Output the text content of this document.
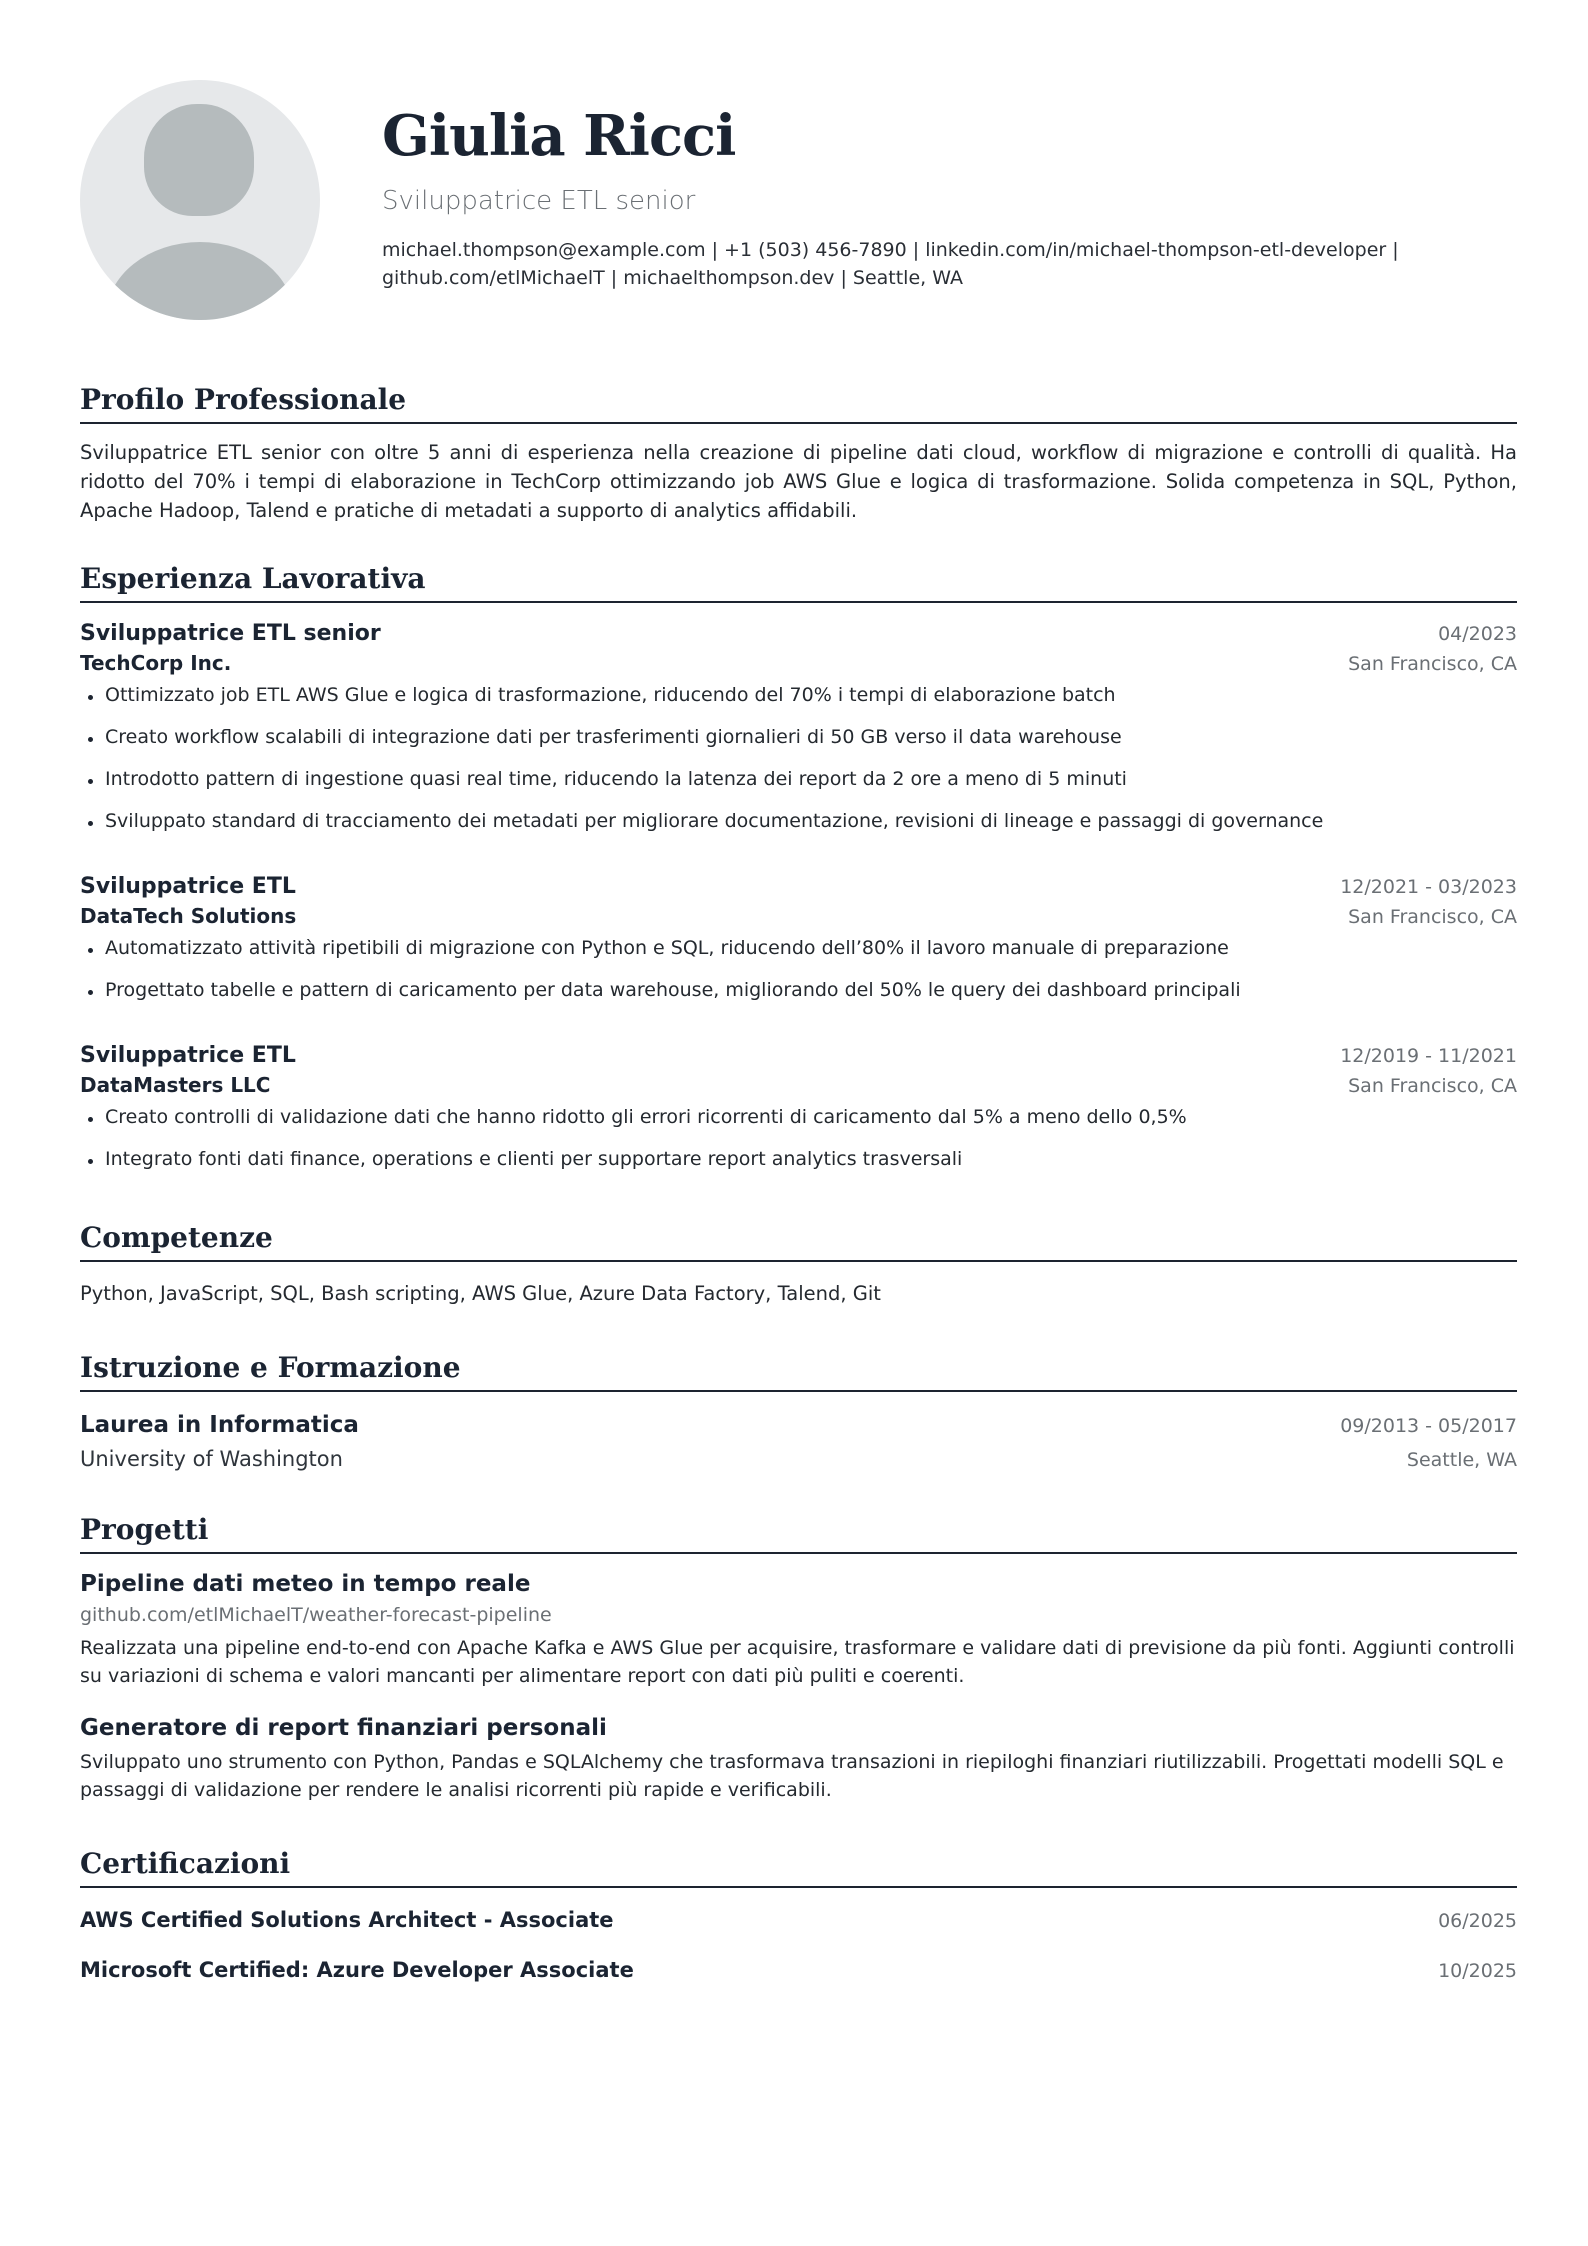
Giulia Ricci
Sviluppatrice ETL senior
michael.thompson@example.com | +1 (503) 456-7890 | linkedin.com/in/michael-thompson-etl-developer |
github.com/etlMichaelT | michaelthompson.dev | Seattle, WA
Profilo Professionale
Sviluppatrice ETL senior con oltre 5 anni di esperienza nella creazione di pipeline dati cloud, workflow di migrazione e controlli di qualità. Ha ridotto del 70% i tempi di elaborazione in TechCorp ottimizzando job AWS Glue e logica di trasformazione. Solida competenza in SQL, Python, Apache Hadoop, Talend e pratiche di metadati a supporto di analytics affidabili.
Esperienza Lavorativa
Sviluppatrice ETL senior	04/2023
TechCorp Inc.	San Francisco, CA
Ottimizzato job ETL AWS Glue e logica di trasformazione, riducendo del 70% i tempi di elaborazione batch
Creato workflow scalabili di integrazione dati per trasferimenti giornalieri di 50 GB verso il data warehouse
Introdotto pattern di ingestione quasi real time, riducendo la latenza dei report da 2 ore a meno di 5 minuti
Sviluppato standard di tracciamento dei metadati per migliorare documentazione, revisioni di lineage e passaggi di governance
Sviluppatrice ETL	12/2021 - 03/2023
DataTech Solutions	San Francisco, CA
Automatizzato attività ripetibili di migrazione con Python e SQL, riducendo dell’80% il lavoro manuale di preparazione
Progettato tabelle e pattern di caricamento per data warehouse, migliorando del 50% le query dei dashboard principali
Sviluppatrice ETL	12/2019 - 11/2021
DataMasters LLC	San Francisco, CA
Creato controlli di validazione dati che hanno ridotto gli errori ricorrenti di caricamento dal 5% a meno dello 0,5%
Integrato fonti dati finance, operations e clienti per supportare report analytics trasversali
Competenze
Python, JavaScript, SQL, Bash scripting, AWS Glue, Azure Data Factory, Talend, Git
Istruzione e Formazione
Laurea in Informatica	09/2013 - 05/2017
University of Washington	Seattle, WA
Progetti
Pipeline dati meteo in tempo reale
github.com/etlMichaelT/weather-forecast-pipeline
Realizzata una pipeline end-to-end con Apache Kafka e AWS Glue per acquisire, trasformare e validare dati di previsione da più fonti. Aggiunti controlli su variazioni di schema e valori mancanti per alimentare report con dati più puliti e coerenti.
Generatore di report finanziari personali
Sviluppato uno strumento con Python, Pandas e SQLAlchemy che trasformava transazioni in riepiloghi finanziari riutilizzabili. Progettati modelli SQL e passaggi di validazione per rendere le analisi ricorrenti più rapide e verificabili.
Certificazioni
AWS Certified Solutions Architect - Associate	06/2025
Microsoft Certified: Azure Developer Associate	10/2025
